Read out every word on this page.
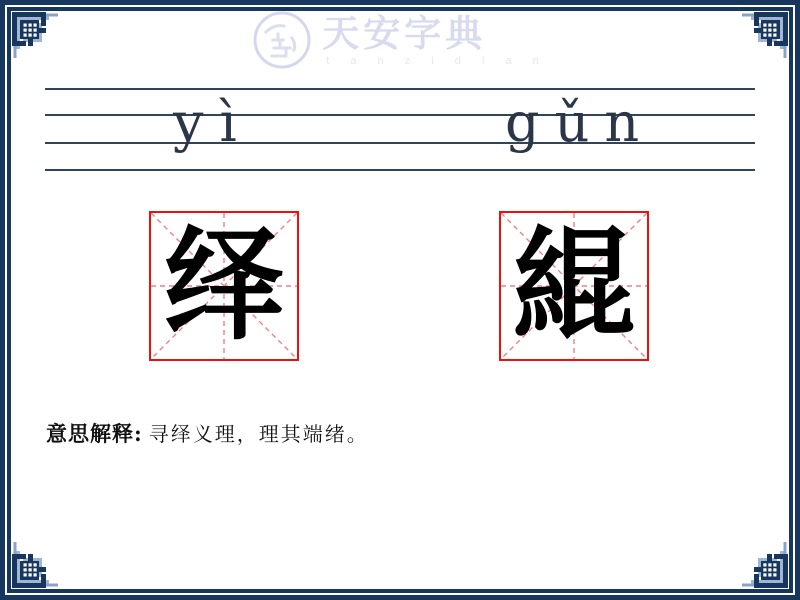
天安字典
t a n z i d i a n
yì	gǔn
绎 緄
意思解释: 寻绎义理，理其端绪。
